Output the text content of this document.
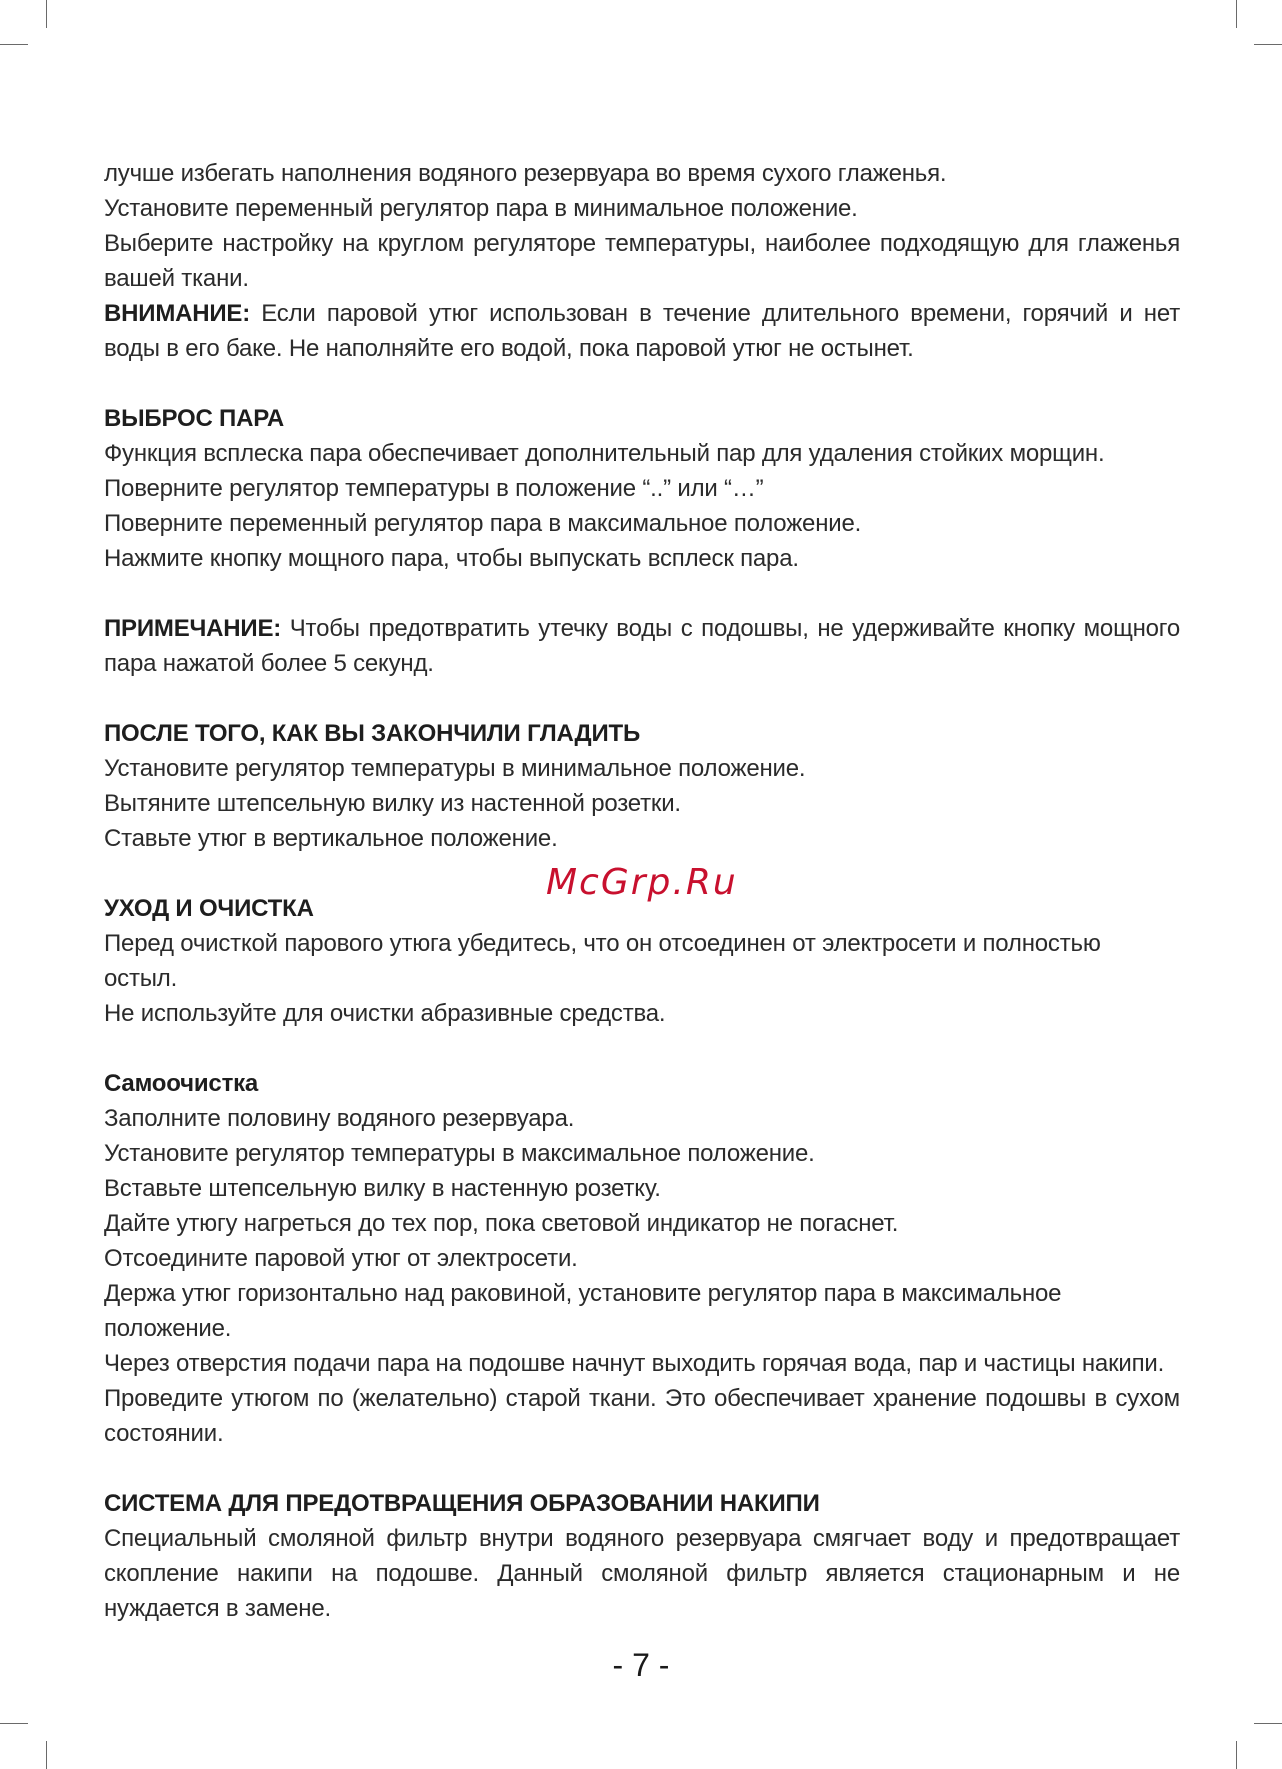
лучше избегать наполнения водяного резервуара во время сухого глаженья.

Установите переменный регулятор пара в минимальное положение.

Выберите настройку на круглом регуляторе температуры, наиболее подходящую для глаженья вашей ткани.

ВНИМАНИЕ: Если паровой утюг использован в течение длительного времени, горячий и нет воды в его баке. Не наполняйте его водой, пока паровой утюг не остынет.

ВЫБРОС ПАРА

Функция всплеска пара обеспечивает дополнительный пар для удаления стойких морщин.

Поверните регулятор температуры в положение “..” или “…”

Поверните переменный регулятор пара в максимальное положение.

Нажмите кнопку мощного пара, чтобы выпускать всплеск пара.

ПРИМЕЧАНИЕ: Чтобы предотвратить утечку воды с подошвы, не удерживайте кнопку мощного пара нажатой более 5 секунд.

ПОСЛЕ ТОГО, КАК ВЫ ЗАКОНЧИЛИ ГЛАДИТЬ

Установите регулятор температуры в минимальное положение.

Вытяните штепсельную вилку из настенной розетки.

Ставьте утюг в вертикальное положение.

УХОД И ОЧИСТКА

Перед очисткой парового утюга убедитесь, что он отсоединен от электросети и полностью остыл.

Не используйте для очистки абразивные средства.

Самоочистка

Заполните половину водяного резервуара.

Установите регулятор температуры в максимальное положение.

Вставьте штепсельную вилку в настенную розетку.

Дайте утюгу нагреться до тех пор, пока световой индикатор не погаснет.

Отсоедините паровой утюг от электросети.

Держа утюг горизонтально над раковиной, установите регулятор пара в максимальное положение.

Через отверстия подачи пара на подошве начнут выходить горячая вода, пар и частицы накипи.

Проведите утюгом по (желательно) старой ткани. Это обеспечивает хранение подошвы в сухом состоянии.

СИСТЕМА ДЛЯ ПРЕДОТВРАЩЕНИЯ ОБРАЗОВАНИИ НАКИПИ

Специальный смоляной фильтр внутри водяного резервуара смягчает воду и предотвращает скопление накипи на подошве. Данный смоляной фильтр является стационарным и не нуждается в замене.

McGrp.Ru
- 7 -
